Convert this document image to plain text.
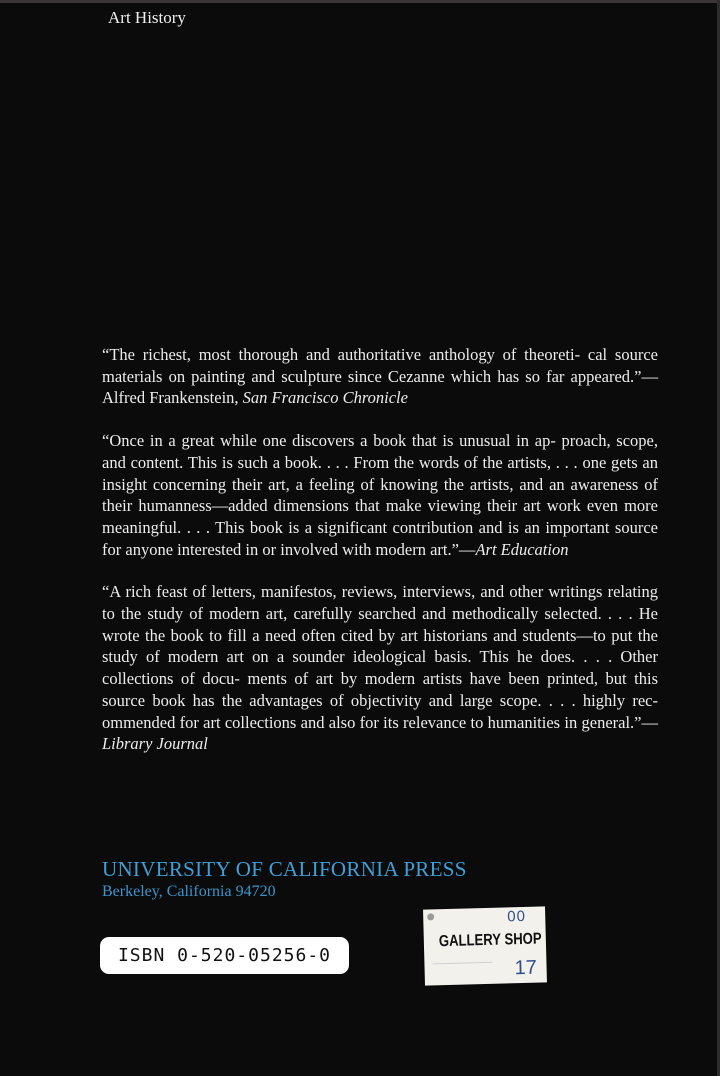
Art History

“The richest, most thorough and authoritative anthology of theoreti- cal source materials on painting and sculpture since Cezanne which has so far appeared.”—Alfred Frankenstein, San Francisco Chronicle

“Once in a great while one discovers a book that is unusual in ap- proach, scope, and content. This is such a book. . . . From the words of the artists, . . . one gets an insight concerning their art, a feeling of knowing the artists, and an awareness of their humanness—added dimensions that make viewing their art work even more meaningful. . . . This book is a significant contribution and is an important source for anyone interested in or involved with modern art.”—Art Education

“A rich feast of letters, manifestos, reviews, interviews, and other writings relating to the study of modern art, carefully searched and methodically selected. . . . He wrote the book to fill a need often cited by art historians and students—to put the study of modern art on a sounder ideological basis. This he does. . . . Other collections of docu- ments of art by modern artists have been printed, but this source book has the advantages of objectivity and large scope. . . . highly rec- ommended for art collections and also for its relevance to humanities in general.”—Library Journal

UNIVERSITY OF CALIFORNIA PRESS
Berkeley, California 94720
ISBN 0-520-05256-0
00
GALLERY SHOP
17
